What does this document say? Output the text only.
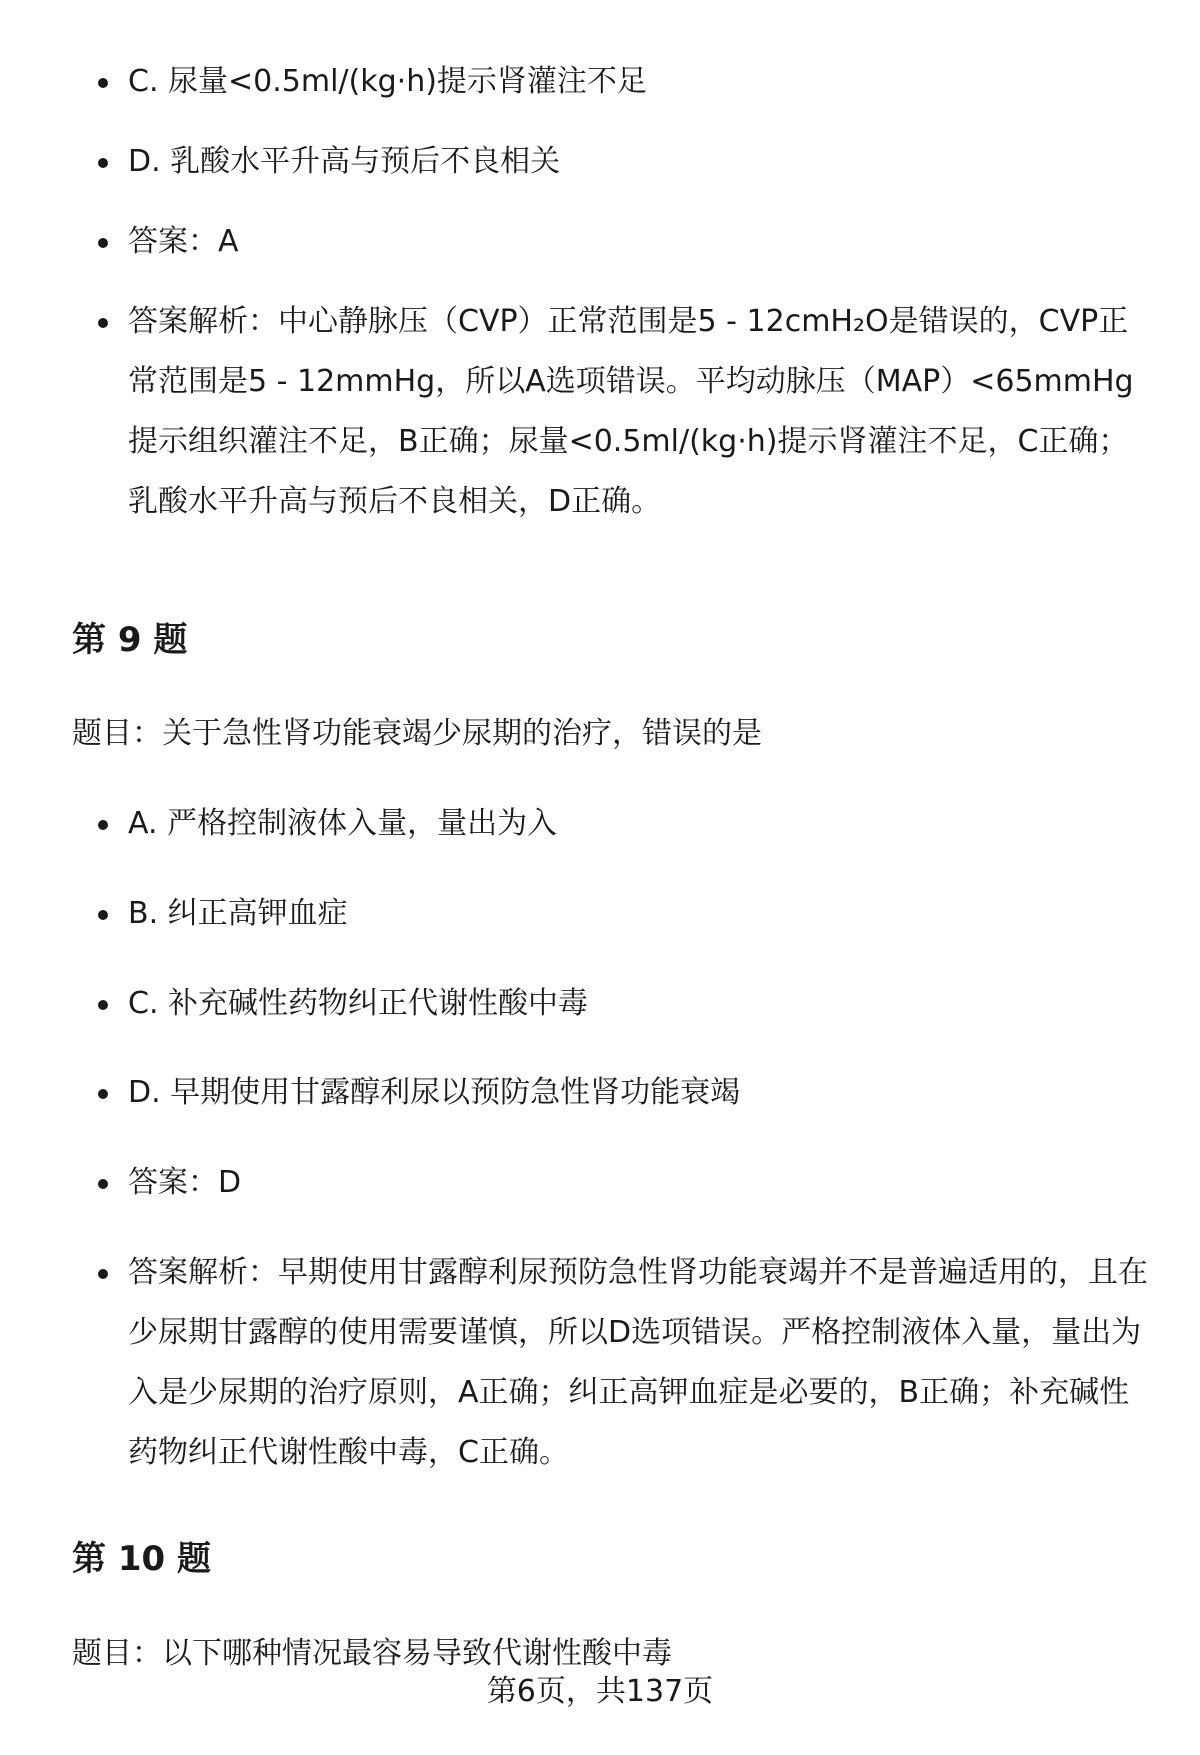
C. 尿量<0.5ml/(kg·h)提示肾灌注不足
D. 乳酸水平升高与预后不良相关
答案：A
答案解析：中心静脉压（CVP）正常范围是5 - 12cmH₂O是错误的，CVP正常范围是5 - 12mmHg，所以A选项错误。平均动脉压（MAP）<65mmHg提示组织灌注不足，B正确；尿量<0.5ml/(kg·h)提示肾灌注不足，C正确；乳酸水平升高与预后不良相关，D正确。
第 9 题
题目：关于急性肾功能衰竭少尿期的治疗，错误的是
A. 严格控制液体入量，量出为入
B. 纠正高钾血症
C. 补充碱性药物纠正代谢性酸中毒
D. 早期使用甘露醇利尿以预防急性肾功能衰竭
答案：D
答案解析：早期使用甘露醇利尿预防急性肾功能衰竭并不是普遍适用的，且在少尿期甘露醇的使用需要谨慎，所以D选项错误。严格控制液体入量，量出为入是少尿期的治疗原则，A正确；纠正高钾血症是必要的，B正确；补充碱性药物纠正代谢性酸中毒，C正确。
第 10 题
题目：以下哪种情况最容易导致代谢性酸中毒
第6页，共137页
